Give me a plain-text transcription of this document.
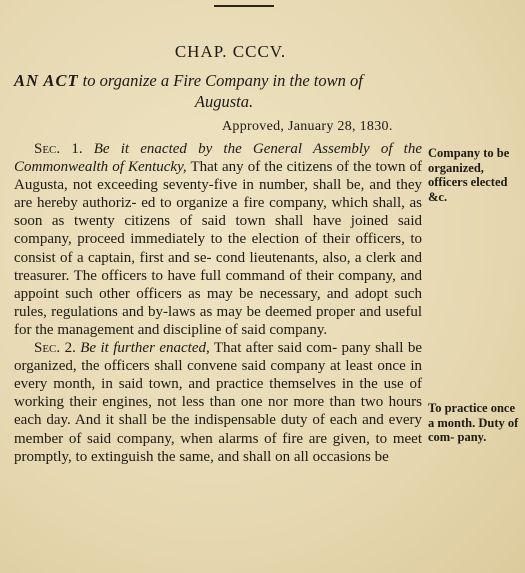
CHAP. CCCV.
AN ACT to organize a Fire Company in the town of
Augusta.
Approved, January 28, 1830.

Sec. 1. Be it enacted by the General Assembly of the Commonwealth of Kentucky, That any of the citizens of the town of Augusta, not exceeding seventy-five in number, shall be, and they are hereby authoriz- ed to organize a fire company, which shall, as soon as twenty citizens of said town shall have joined said company, proceed immediately to the election of their officers, to consist of a captain, first and se- cond lieutenants, also, a clerk and treasurer. The officers to have full command of their company, and appoint such other officers as may be necessary, and adopt such rules, regulations and by-laws as may be deemed proper and useful for the management and discipline of said company.

Sec. 2. Be it further enacted, That after said com- pany shall be organized, the officers shall convene said company at least once in every month, in said town, and practice themselves in the use of working their engines, not less than one nor more than two hours each day. And it shall be the indispensable duty of each and every member of said company, when alarms of fire are given, to meet promptly, to extinguish the same, and shall on all occasions be

Company to be organized, officers elected &c.
To practice once a month. Duty of com- pany.
